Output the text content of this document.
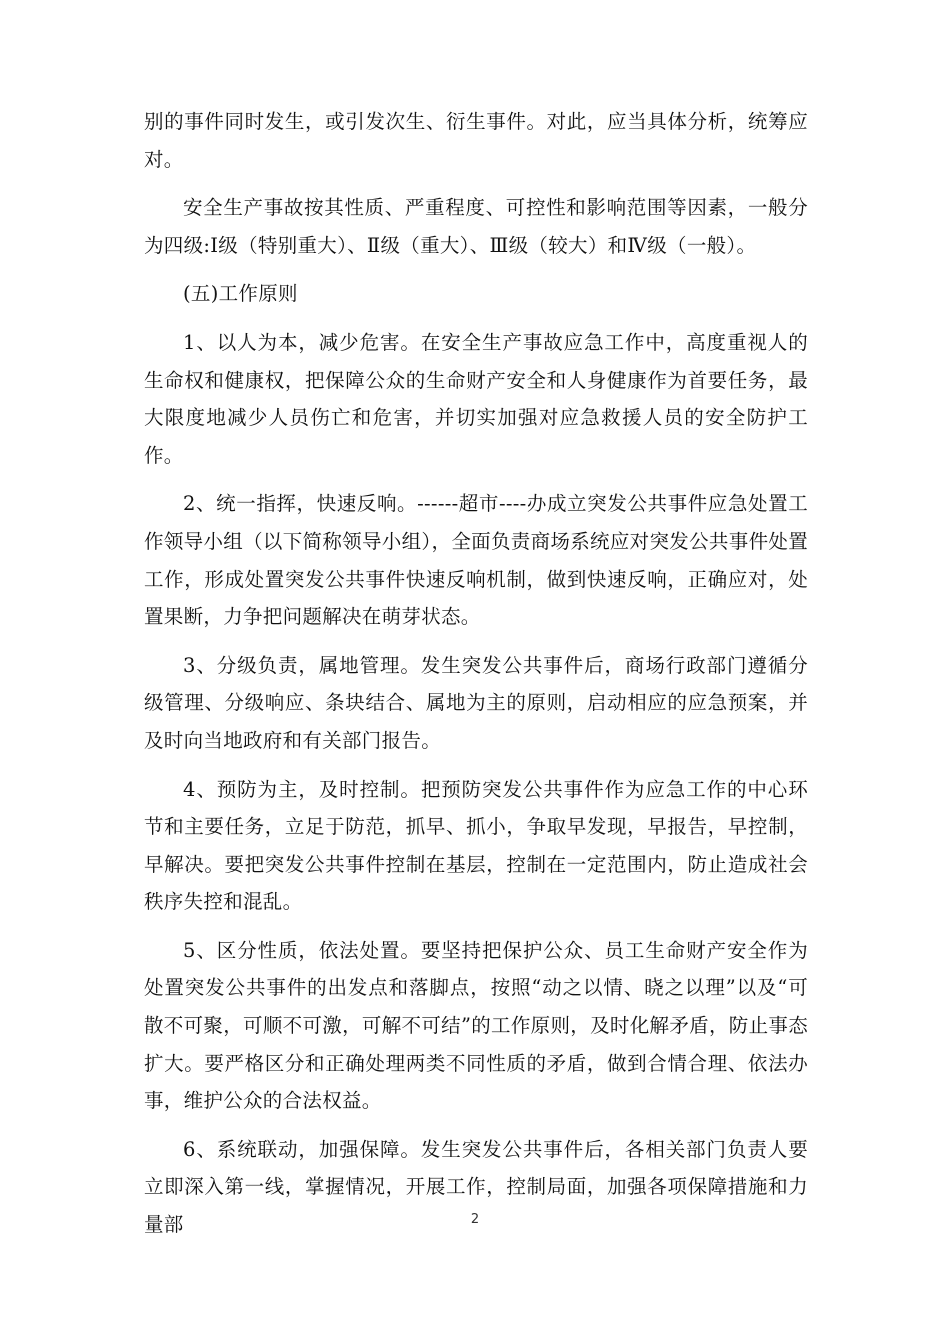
别的事件同时发生，或引发次生、衍生事件。对此，应当具体分析，统筹应对。

安全生产事故按其性质、严重程度、可控性和影响范围等因素，一般分为四级:Ⅰ级（特别重大）、Ⅱ级（重大）、Ⅲ级（较大）和Ⅳ级（一般）。

(五)工作原则

1、以人为本，减少危害。在安全生产事故应急工作中，高度重视人的生命权和健康权，把保障公众的生命财产安全和人身健康作为首要任务，最大限度地减少人员伤亡和危害，并切实加强对应急救援人员的安全防护工作。

2、统一指挥，快速反响。------超市----办成立突发公共事件应急处置工作领导小组（以下简称领导小组），全面负责商场系统应对突发公共事件处置工作，形成处置突发公共事件快速反响机制，做到快速反响，正确应对，处置果断，力争把问题解决在萌芽状态。

3、分级负责，属地管理。发生突发公共事件后，商场行政部门遵循分级管理、分级响应、条块结合、属地为主的原则，启动相应的应急预案，并及时向当地政府和有关部门报告。

4、预防为主，及时控制。把预防突发公共事件作为应急工作的中心环节和主要任务，立足于防范，抓早、抓小，争取早发现，早报告，早控制，早解决。要把突发公共事件控制在基层，控制在一定范围内，防止造成社会秩序失控和混乱。

5、区分性质，依法处置。要坚持把保护公众、员工生命财产安全作为处置突发公共事件的出发点和落脚点，按照“动之以情、晓之以理”以及“可散不可聚，可顺不可激，可解不可结”的工作原则，及时化解矛盾，防止事态扩大。要严格区分和正确处理两类不同性质的矛盾，做到合情合理、依法办事，维护公众的合法权益。

6、系统联动，加强保障。发生突发公共事件后，各相关部门负责人要立即深入第一线，掌握情况，开展工作，控制局面，加强各项保障措施和力量部	2
